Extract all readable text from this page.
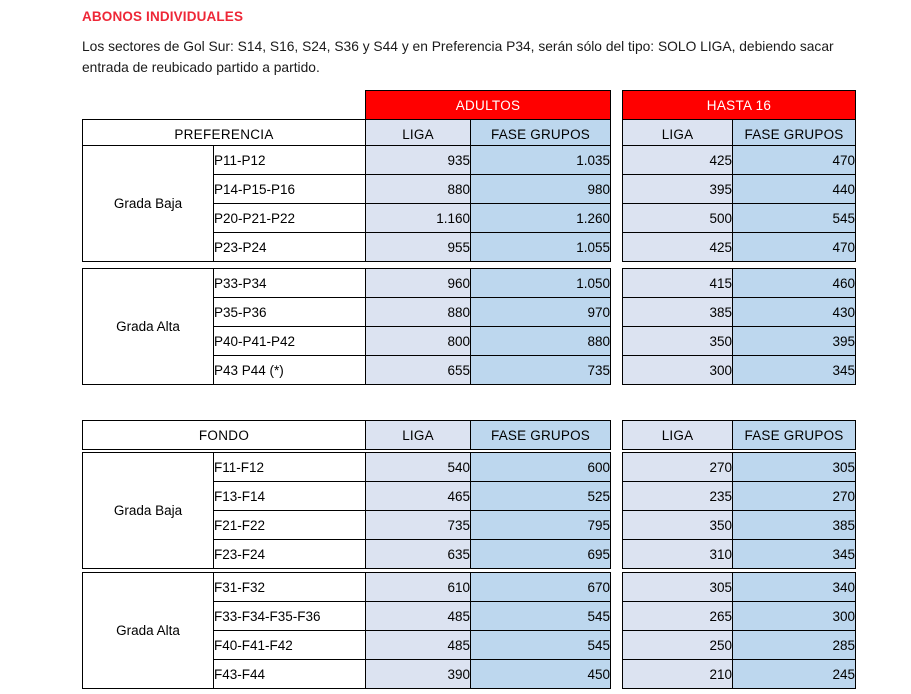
ABONOS INDIVIDUALES
Los sectores de Gol Sur: S14, S16, S24, S36 y S44 y en Preferencia P34, serán sólo del tipo: SOLO LIGA, debiendo sacar entrada de reubicado partido a partido.
	ADULTOS			HASTA 16	
PREFERENCIA	LIGA	FASE GRUPOS		LIGA	FASE GRUPOS
Grada Baja	P11-P12	935	1.035		425	470
	P14-P15-P16	880	980		395	440
	P20-P21-P22	1.160	1.260		500	545
	P23-P24	955	1.055		425	470
Grada Alta	P33-P34	960	1.050		415	460
	P35-P36	880	970		385	430
	P40-P41-P42	800	880		350	395
	P43 P44 (*)	655	735		300	345
FONDO	LIGA	FASE GRUPOS		LIGA	FASE GRUPOS
Grada Baja	F11-F12	540	600		270	305
	F13-F14	465	525		235	270
	F21-F22	735	795		350	385
	F23-F24	635	695		310	345
Grada Alta	F31-F32	610	670		305	340
	F33-F34-F35-F36	485	545		265	300
	F40-F41-F42	485	545		250	285
	F43-F44	390	450		210	245
